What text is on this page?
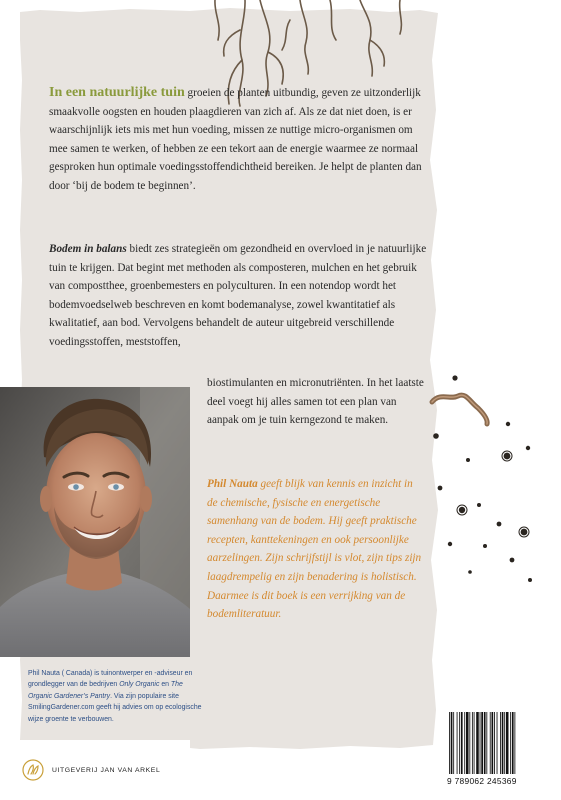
In een natuurlijke tuin groeien de planten uitbundig, geven ze uitzonderlijk smaakvolle oogsten en houden plaagdieren van zich af. Als ze dat niet doen, is er waarschijnlijk iets mis met hun voeding, missen ze nuttige micro-organismen om mee samen te werken, of hebben ze een tekort aan de energie waarmee ze normaal gesproken hun optimale voedingsstoffendichtheid bereiken. Je helpt de planten dan door ‘bij de bodem te beginnen’.

Bodem in balans biedt zes strategieën om gezondheid en overvloed in je natuurlijke tuin te krijgen. Dat begint met methoden als composteren, mulchen en het gebruik van compostthee, groenbemesters en polyculturen. In een notendop wordt het bodemvoedselweb beschreven en komt bodemanalyse, zowel kwantitatief als kwalitatief, aan bod. Vervolgens behandelt de auteur uitgebreid verschillende voedingsstoffen, meststoffen,

biostimulanten en micronutriënten. In het laatste deel voegt hij alles samen tot een plan van aanpak om je tuin kerngezond te maken.

Phil Nauta geeft blijk van kennis en inzicht in de chemische, fysische en energetische samenhang van de bodem. Hij geeft praktische recepten, kanttekeningen en ook persoonlijke aarzelingen. Zijn schrijfstijl is vlot, zijn tips zijn laagdrempelig en zijn benadering is holistisch. Daarmee is dit boek is een verrijking van de bodemliteratuur.

Phil Nauta ( Canada) is tuinontwerper en -adviseur en grondlegger van de bedrijven Only Organic en The Organic Gardener’s Pantry. Via zijn populaire site SmilingGardener.com geeft hij advies om op ecologische wijze groente te verbouwen.

UITGEVERIJ JAN VAN ARKEL
9 789062 245369
